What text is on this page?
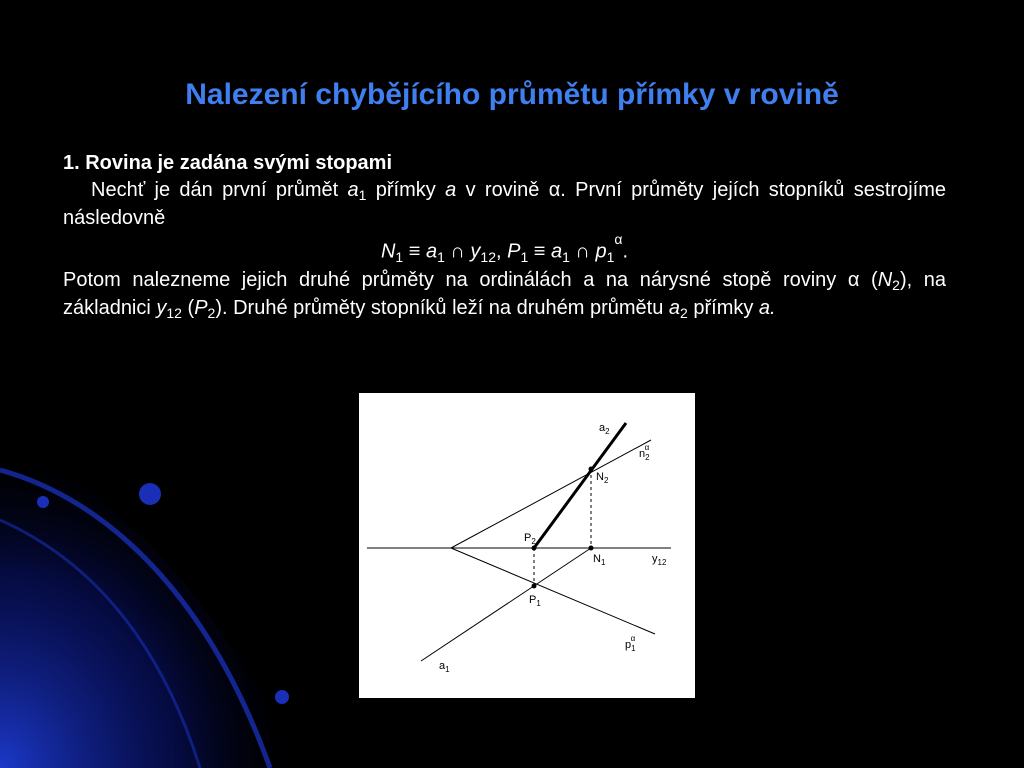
Nalezení chybějícího průmětu přímky v rovině

1. Rovina je zadána svými stopami

Nechť je dán první průmět $a_1$ přímky a v rovině α. První průměty jejích stopníků sestrojíme následovně

$N_1 \equiv a_1$ ∩ $y_{12}$, $P_1 \equiv a_1$ ∩ $p_1^\alpha$.

Potom nalezneme jejich druhé průměty na ordinálách a na nárysné stopě roviny α $(N_2)$, na základnici $y_{12}$ $(P_2)$. Druhé průměty stopníků leží na druhém průmětu $a_2$ přímky a.

$a_2$
$n_2\alpha$
$N_2$
$P_2$
$N_1$	$y_{12}$
$P_1$
$p_1\alpha$
$a_1$
